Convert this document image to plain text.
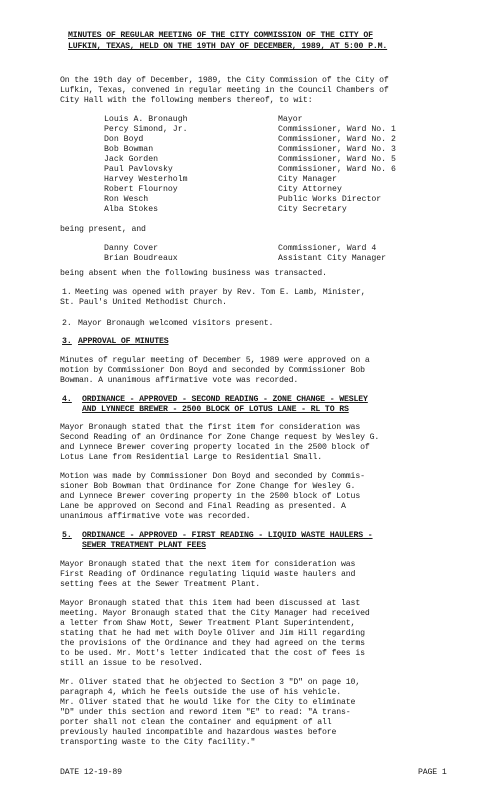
MINUTES OF REGULAR MEETING OF THE CITY COMMISSION OF THE CITY OF
LUFKIN, TEXAS, HELD ON THE 19TH DAY OF DECEMBER, 1989, AT 5:00 P.M.
On the 19th day of December, 1989, the City Commission of the City of
Lufkin, Texas, convened in regular meeting in the Council Chambers of
City Hall with the following members thereof, to wit:

Louis A. Bronaugh	Mayor

Percy Simond, Jr.	Commissioner, Ward No. 1

Don Boyd	Commissioner, Ward No. 2

Bob Bowman	Commissioner, Ward No. 3

Jack Gorden	Commissioner, Ward No. 5

Paul Pavlovsky	Commissioner, Ward No. 6

Harvey Westerholm	City Manager

Robert Flournoy	City Attorney

Ron Wesch	Public Works Director

Alba Stokes	City Secretary

being present, and

Danny Cover	Commissioner, Ward 4

Brian Boudreaux	Assistant City Manager

being absent when the following business was transacted.
1. Meeting was opened with prayer by Rev. Tom E. Lamb, Minister,
St. Paul's United Methodist Church.
2. Mayor Bronaugh welcomed visitors present.
3. APPROVAL OF MINUTES
Minutes of regular meeting of December 5, 1989 were approved on a
motion by Commissioner Don Boyd and seconded by Commissioner Bob
Bowman. A unanimous affirmative vote was recorded.
4. ORDINANCE - APPROVED - SECOND READING - ZONE CHANGE - WESLEY
AND LYNNECE BREWER - 2500 BLOCK OF LOTUS LANE - RL TO RS
Mayor Bronaugh stated that the first item for consideration was
Second Reading of an Ordinance for Zone Change request by Wesley G.
and Lynnece Brewer covering property located in the 2500 block of
Lotus Lane from Residential Large to Residential Small.
Motion was made by Commissioner Don Boyd and seconded by Commis-
sioner Bob Bowman that Ordinance for Zone Change for Wesley G.
and Lynnece Brewer covering property in the 2500 block of Lotus
Lane be approved on Second and Final Reading as presented. A
unanimous affirmative vote was recorded.
5. ORDINANCE - APPROVED - FIRST READING - LIQUID WASTE HAULERS -
SEWER TREATMENT PLANT FEES
Mayor Bronaugh stated that the next item for consideration was
First Reading of Ordinance regulating liquid waste haulers and
setting fees at the Sewer Treatment Plant.
Mayor Bronaugh stated that this item had been discussed at last
meeting. Mayor Bronaugh stated that the City Manager had received
a letter from Shaw Mott, Sewer Treatment Plant Superintendent,
stating that he had met with Doyle Oliver and Jim Hill regarding
the provisions of the Ordinance and they had agreed on the terms
to be used. Mr. Mott's letter indicated that the cost of fees is
still an issue to be resolved.
Mr. Oliver stated that he objected to Section 3 "D" on page 10,
paragraph 4, which he feels outside the use of his vehicle.
Mr. Oliver stated that he would like for the City to eliminate
"D" under this section and reword item "E" to read: "A trans-
porter shall not clean the container and equipment of all
previously hauled incompatible and hazardous wastes before
transporting waste to the City facility."
DATE 12-19-89	PAGE 1
